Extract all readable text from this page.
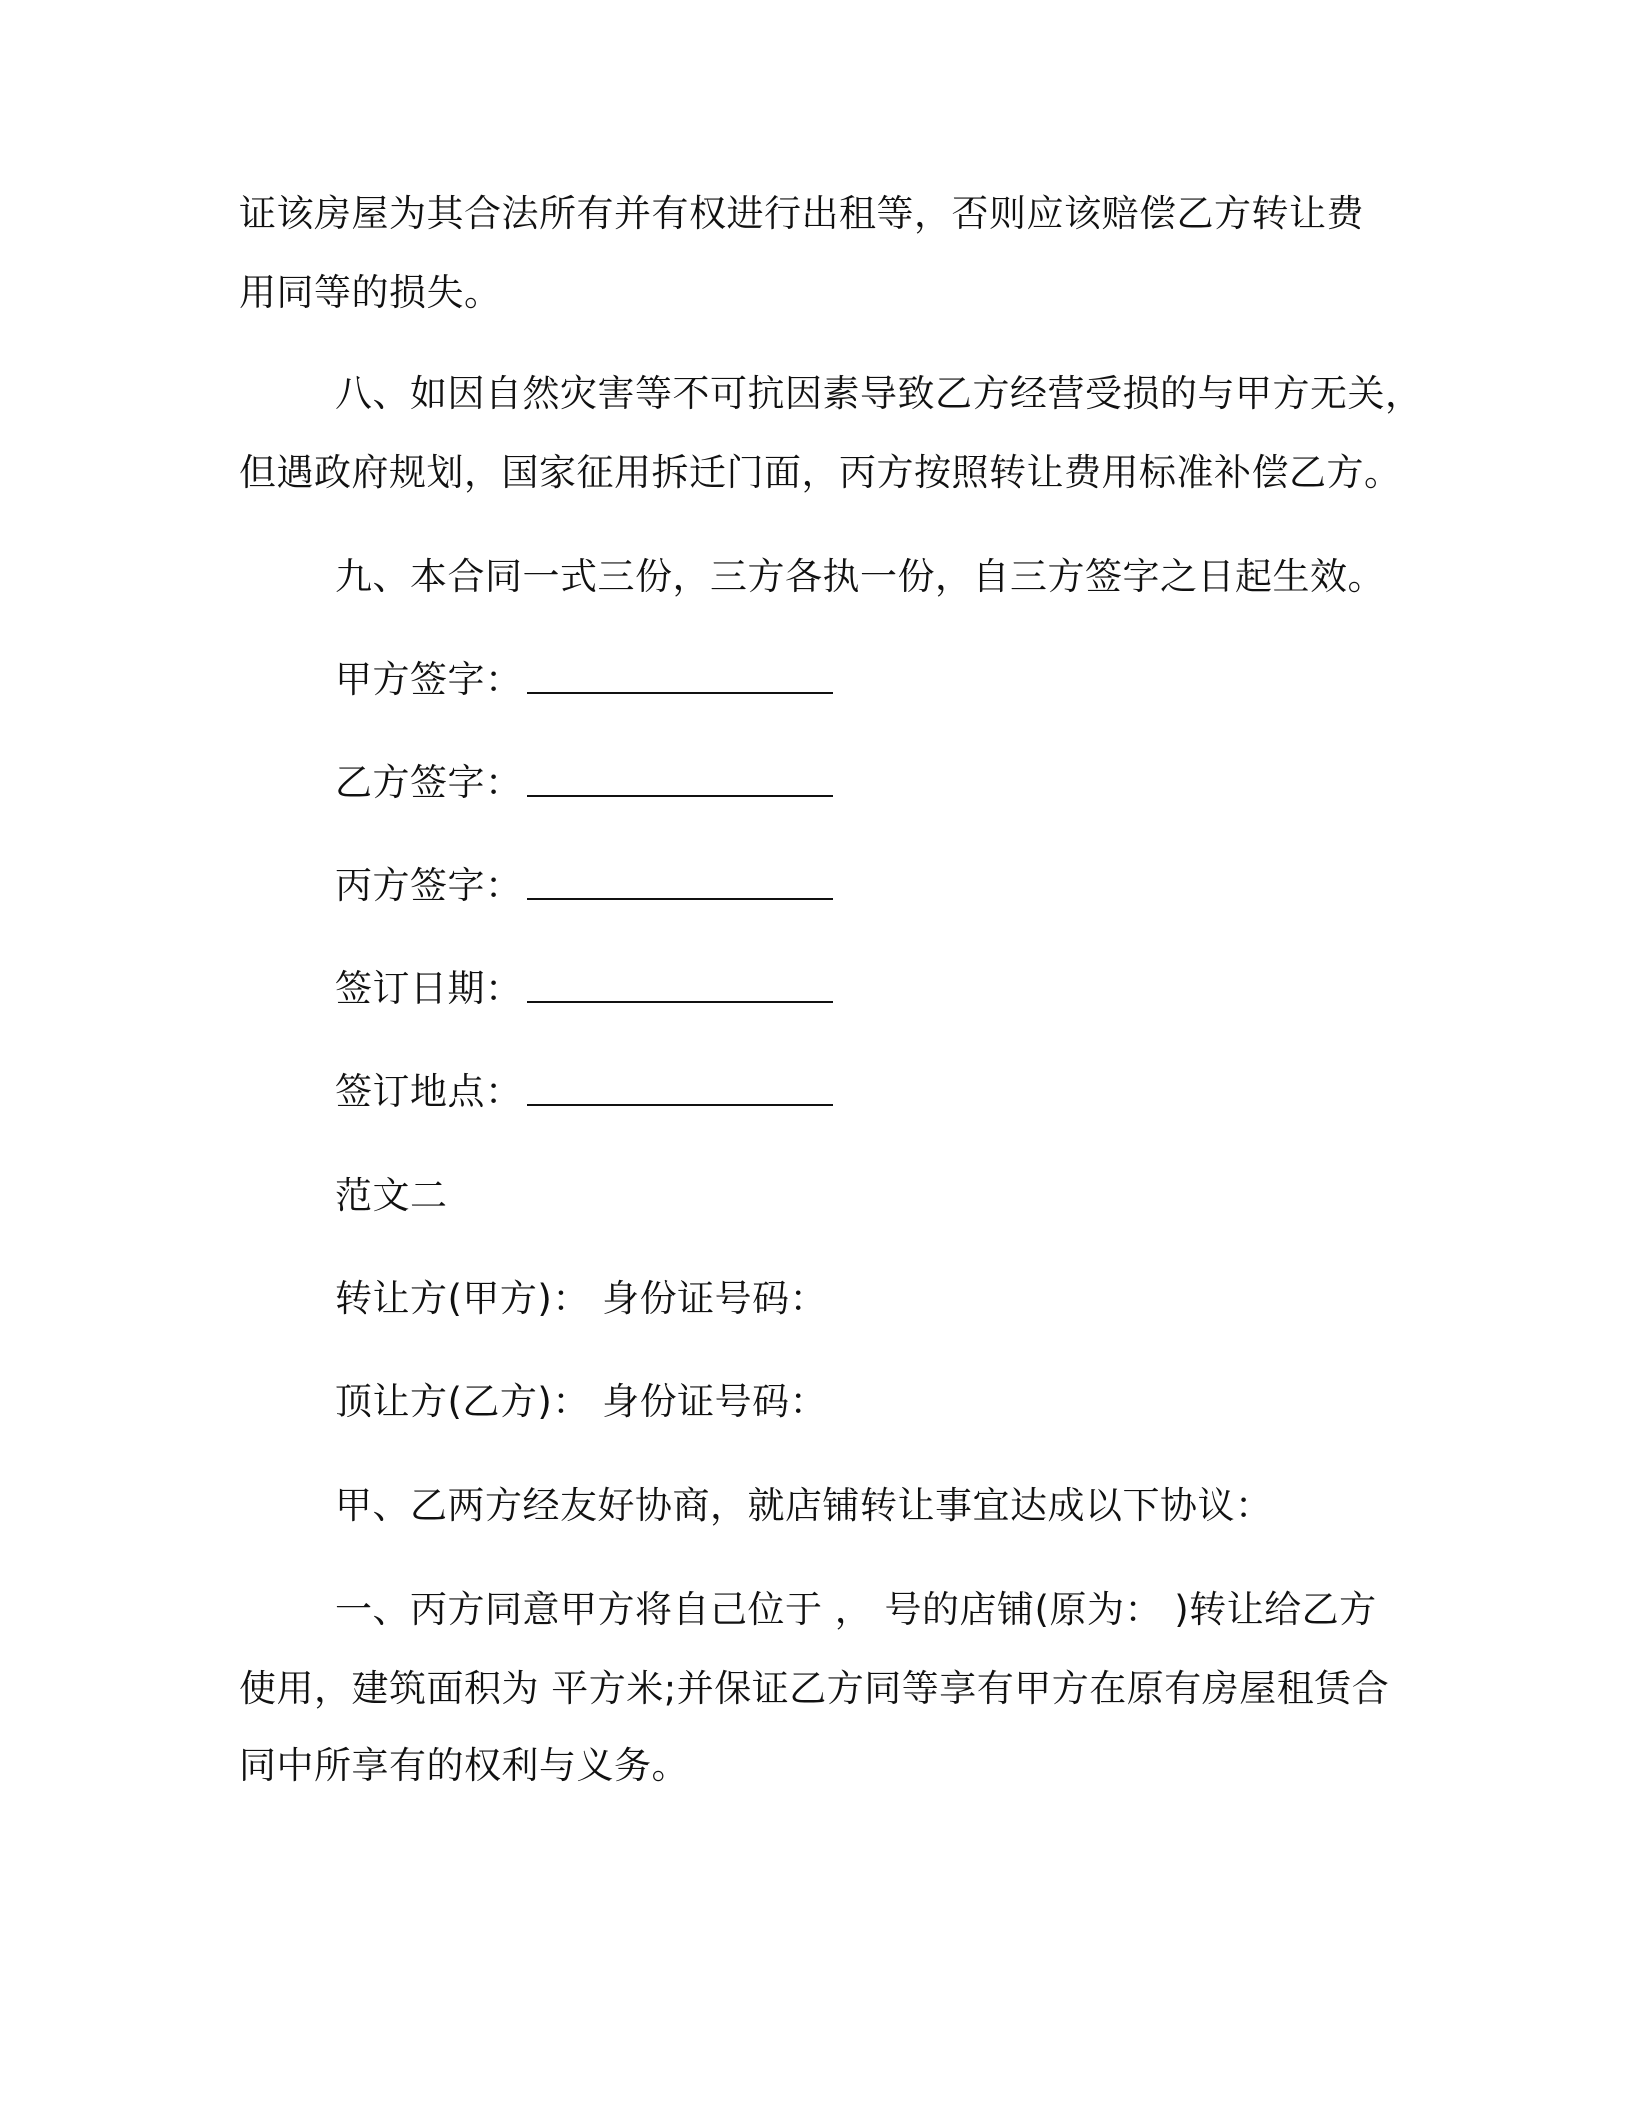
证该房屋为其合法所有并有权进行出租等，否则应该赔偿乙方转让费
用同等的损失。
八、如因自然灾害等不可抗因素导致乙方经营受损的与甲方无关，
但遇政府规划，国家征用拆迁门面，丙方按照转让费用标准补偿乙方。
九、本合同一式三份，三方各执一份，自三方签字之日起生效。
甲方签字：
乙方签字：
丙方签字：
签订日期：
签订地点：
范文二
转让方(甲方)： 身份证号码：
顶让方(乙方)： 身份证号码：
甲、乙两方经友好协商，就店铺转让事宜达成以下协议：
一、丙方同意甲方将自己位于 ， 号的店铺(原为： )转让给乙方
使用，建筑面积为 平方米;并保证乙方同等享有甲方在原有房屋租赁合
同中所享有的权利与义务。
